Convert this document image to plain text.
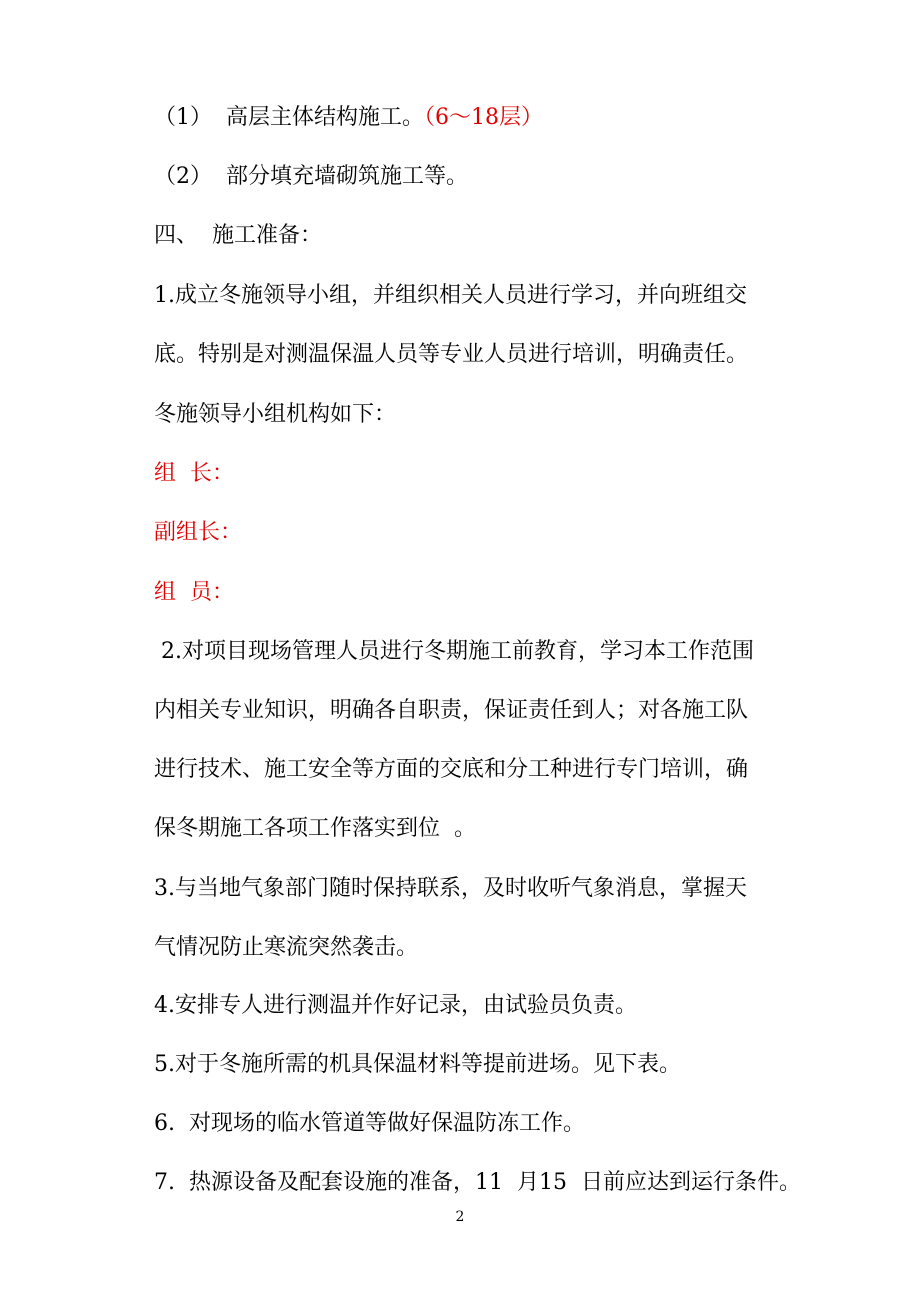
（1）  高层主体结构施工。（6～18层）
（2）  部分填充墙砌筑施工等。
四、  施工准备：
1.成立冬施领导小组，并组织相关人员进行学习，并向班组交
底。特别是对测温保温人员等专业人员进行培训，明确责任。
冬施领导小组机构如下：
组  长：
副组长：
组  员：
2.对项目现场管理人员进行冬期施工前教育，学习本工作范围
内相关专业知识，明确各自职责，保证责任到人；对各施工队
进行技术、施工安全等方面的交底和分工种进行专门培训，确
保冬期施工各项工作落实到位  。
3.与当地气象部门随时保持联系，及时收听气象消息，掌握天
气情况防止寒流突然袭击。
4.安排专人进行测温并作好记录，由试验员负责。
5.对于冬施所需的机具保温材料等提前进场。见下表。
6.  对现场的临水管道等做好保温防冻工作。
7.  热源设备及配套设施的准备，11  月15  日前应达到运行条件。
2
